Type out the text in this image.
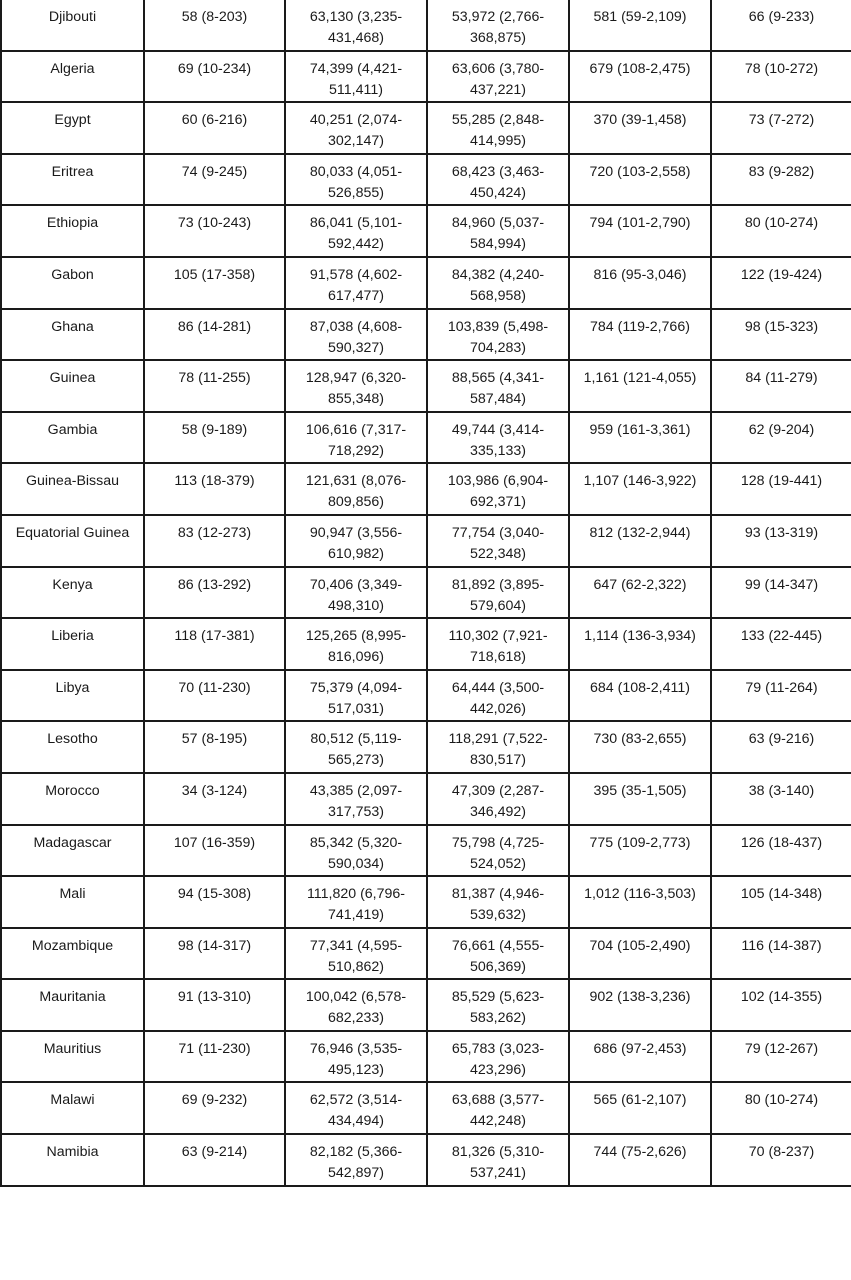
Djibouti	58 (8-203)	63,130 (3,235-431,468)	53,972 (2,766-368,875)	581 (59-2,109)	66 (9-233)
Algeria	69 (10-234)	74,399 (4,421-511,411)	63,606 (3,780-437,221)	679 (108-2,475)	78 (10-272)
Egypt	60 (6-216)	40,251 (2,074-302,147)	55,285 (2,848-414,995)	370 (39-1,458)	73 (7-272)
Eritrea	74 (9-245)	80,033 (4,051-526,855)	68,423 (3,463-450,424)	720 (103-2,558)	83 (9-282)
Ethiopia	73 (10-243)	86,041 (5,101-592,442)	84,960 (5,037-584,994)	794 (101-2,790)	80 (10-274)
Gabon	105 (17-358)	91,578 (4,602-617,477)	84,382 (4,240-568,958)	816 (95-3,046)	122 (19-424)
Ghana	86 (14-281)	87,038 (4,608-590,327)	103,839 (5,498-704,283)	784 (119-2,766)	98 (15-323)
Guinea	78 (11-255)	128,947 (6,320-855,348)	88,565 (4,341-587,484)	1,161 (121-4,055)	84 (11-279)
Gambia	58 (9-189)	106,616 (7,317-718,292)	49,744 (3,414-335,133)	959 (161-3,361)	62 (9-204)
Guinea-Bissau	113 (18-379)	121,631 (8,076-809,856)	103,986 (6,904-692,371)	1,107 (146-3,922)	128 (19-441)
Equatorial Guinea	83 (12-273)	90,947 (3,556-610,982)	77,754 (3,040-522,348)	812 (132-2,944)	93 (13-319)
Kenya	86 (13-292)	70,406 (3,349-498,310)	81,892 (3,895-579,604)	647 (62-2,322)	99 (14-347)
Liberia	118 (17-381)	125,265 (8,995-816,096)	110,302 (7,921-718,618)	1,114 (136-3,934)	133 (22-445)
Libya	70 (11-230)	75,379 (4,094-517,031)	64,444 (3,500-442,026)	684 (108-2,411)	79 (11-264)
Lesotho	57 (8-195)	80,512 (5,119-565,273)	118,291 (7,522-830,517)	730 (83-2,655)	63 (9-216)
Morocco	34 (3-124)	43,385 (2,097-317,753)	47,309 (2,287-346,492)	395 (35-1,505)	38 (3-140)
Madagascar	107 (16-359)	85,342 (5,320-590,034)	75,798 (4,725-524,052)	775 (109-2,773)	126 (18-437)
Mali	94 (15-308)	111,820 (6,796-741,419)	81,387 (4,946-539,632)	1,012 (116-3,503)	105 (14-348)
Mozambique	98 (14-317)	77,341 (4,595-510,862)	76,661 (4,555-506,369)	704 (105-2,490)	116 (14-387)
Mauritania	91 (13-310)	100,042 (6,578-682,233)	85,529 (5,623-583,262)	902 (138-3,236)	102 (14-355)
Mauritius	71 (11-230)	76,946 (3,535-495,123)	65,783 (3,023-423,296)	686 (97-2,453)	79 (12-267)
Malawi	69 (9-232)	62,572 (3,514-434,494)	63,688 (3,577-442,248)	565 (61-2,107)	80 (10-274)
Namibia	63 (9-214)	82,182 (5,366-542,897)	81,326 (5,310-537,241)	744 (75-2,626)	70 (8-237)
